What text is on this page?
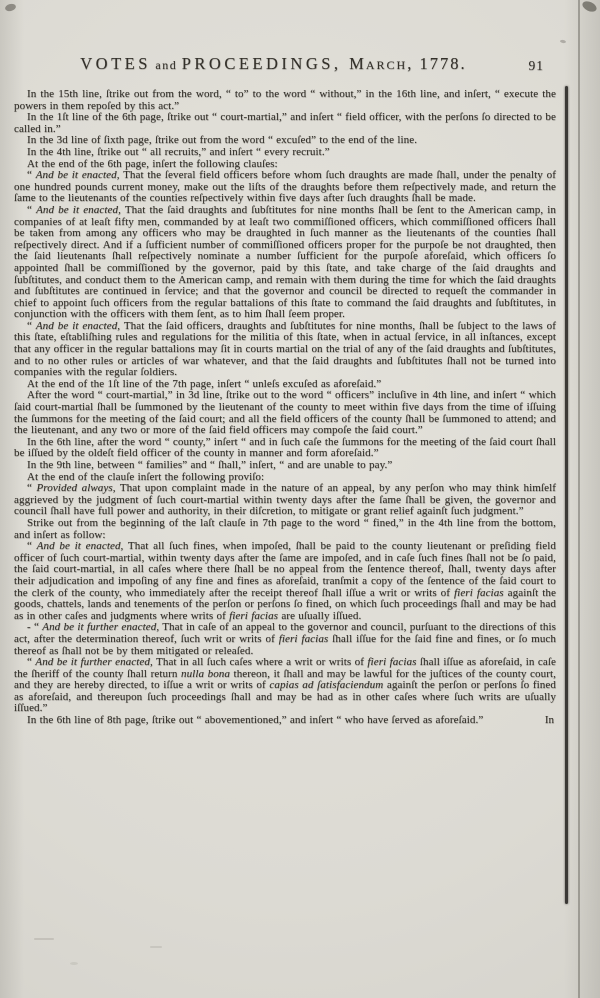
VOTES and PROCEEDINGS, March, 1778.	91

In the 15th line, ſtrike out from the word, “ to” to the word “ without,” in the 16th line, and inſert, “ execute the powers in them repoſed by this act.”

In the 1ſt line of the 6th page, ſtrike out “ court-martial,” and inſert “ field officer, with the perſons ſo directed to be called in.”

In the 3d line of ſixth page, ſtrike out from the word “ excuſed” to the end of the line.

In the 4th line, ſtrike out “ all recruits,” and inſert “ every recruit.”

At the end of the 6th page, inſert the following clauſes:

“ And be it enacted, That the ſeveral field officers before whom ſuch draughts are made ſhall, under the penalty of one hundred pounds current money, make out the liſts of the draughts before them reſpectively made, and return the ſame to the lieutenants of the counties reſpectively within five days after ſuch draughts ſhall be made.

“ And be it enacted, That the ſaid draughts and ſubſtitutes for nine months ſhall be ſent to the American camp, in companies of at leaſt fifty men, commanded by at leaſt two commiſſioned officers, which commiſſioned officers ſhall be taken from among any officers who may be draughted in ſuch manner as the lieutenants of the counties ſhall reſpectively direct. And if a ſufficient number of commiſſioned officers proper for the purpoſe be not draughted, then the ſaid lieutenants ſhall reſpectively nominate a number ſufficient for the purpoſe aforeſaid, which officers ſo appointed ſhall be commiſſioned by the governor, paid by this ſtate, and take charge of the ſaid draughts and ſubſtitutes, and conduct them to the American camp, and remain with them during the time for which the ſaid draughts and ſubſtitutes are continued in ſervice; and that the governor and council be directed to requeſt the commander in chief to appoint ſuch officers from the regular battalions of this ſtate to command the ſaid draughts and ſubſtitutes, in conjunction with the officers with them ſent, as to him ſhall ſeem proper.

“ And be it enacted, That the ſaid officers, draughts and ſubſtitutes for nine months, ſhall be ſubject to the laws of this ſtate, eſtabliſhing rules and regulations for the militia of this ſtate, when in actual ſervice, in all inſtances, except that any officer in the regular battalions may ſit in courts martial on the trial of any of the ſaid draughts and ſubſtitutes, and to no other rules or articles of war whatever, and that the ſaid draughts and ſubſtitutes ſhall not be turned into companies with the regular ſoldiers.

At the end of the 1ſt line of the 7th page, inſert “ unleſs excuſed as aforeſaid.”

After the word “ court-martial,” in 3d line, ſtrike out to the word “ officers” incluſive in 4th line, and inſert “ which ſaid court-martial ſhall be ſummoned by the lieutenant of the county to meet within five days from the time of iſſuing the ſummons for the meeting of the ſaid court; and all the field officers of the county ſhall be ſummoned to attend; and the lieutenant, and any two or more of the ſaid field officers may compoſe the ſaid court.”

In the 6th line, after the word “ county,” inſert “ and in ſuch caſe the ſummons for the meeting of the ſaid court ſhall be iſſued by the oldeſt field officer of the county in manner and form aforeſaid.”

In the 9th line, between “ families” and “ ſhall,” inſert, “ and are unable to pay.”

At the end of the clauſe inſert the following proviſo:

“ Provided always, That upon complaint made in the nature of an appeal, by any perſon who may think himſelf aggrieved by the judgment of ſuch court-martial within twenty days after the ſame ſhall be given, the governor and council ſhall have full power and authority, in their diſcretion, to mitigate or grant relief againſt ſuch judgment.”

Strike out from the beginning of the laſt clauſe in 7th page to the word “ fined,” in the 4th line from the bottom, and inſert as follow:

“ And be it enacted, That all ſuch fines, when impoſed, ſhall be paid to the county lieutenant or preſiding field officer of ſuch court-martial, within twenty days after the ſame are impoſed, and in caſe ſuch fines ſhall not be ſo paid, the ſaid court-martial, in all caſes where there ſhall be no appeal from the ſentence thereof, ſhall, twenty days after their adjudication and impoſing of any fine and fines as aforeſaid, tranſmit a copy of the ſentence of the ſaid court to the clerk of the county, who immediately after the receipt thereof ſhall iſſue a writ or writs of fieri facias againſt the goods, chattels, lands and tenements of the perſon or perſons ſo fined, on which ſuch proceedings ſhall and may be had as in other caſes and judgments where writs of fieri facias are uſually iſſued.

- “ And be it further enacted, That in caſe of an appeal to the governor and council, purſuant to the directions of this act, after the determination thereof, ſuch writ or writs of fieri facias ſhall iſſue for the ſaid fine and fines, or ſo much thereof as ſhall not be by them mitigated or releaſed.

“ And be it further enacted, That in all ſuch caſes where a writ or writs of fieri facias ſhall iſſue as aforeſaid, in caſe the ſheriff of the county ſhall return nulla bona thereon, it ſhall and may be lawful for the juſtices of the county court, and they are hereby directed, to iſſue a writ or writs of capias ad ſatisfaciendum againſt the perſon or perſons ſo fined as aforeſaid, and thereupon ſuch proceedings ſhall and may be had as in other caſes where ſuch writs are uſually iſſued.”

In the 6th line of 8th page, ſtrike out “ abovementioned,” and inſert “ who have ſerved as aforeſaid.”	In
